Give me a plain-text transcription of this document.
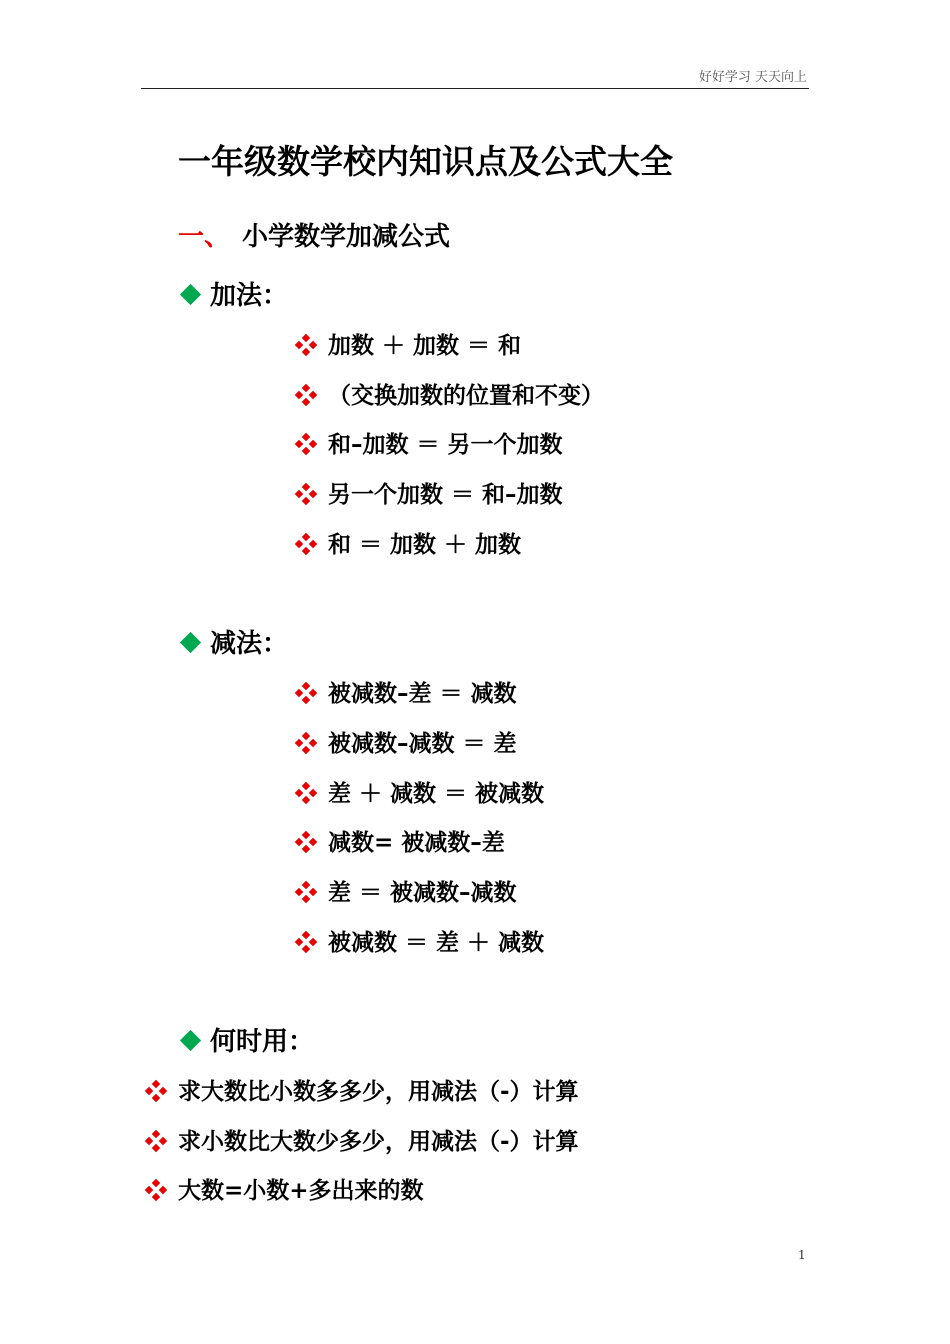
好好学习 天天向上
一年级数学校内知识点及公式大全
一、 小学数学加减公式
加法：
加数 ＋ 加数 ＝ 和
（交换加数的位置和不变）
和–加数 ＝ 另一个加数
另一个加数 ＝ 和–加数
和 ＝ 加数 ＋ 加数
减法：
被减数–差 ＝ 减数
被减数–减数 ＝ 差
差 ＋ 减数 ＝ 被减数
减数= 被减数–差
差 ＝ 被减数–减数
被减数 ＝ 差 ＋ 减数
何时用：
求大数比小数多多少，用减法（-）计算
求小数比大数少多少，用减法（-）计算
大数=小数+多出来的数
1
